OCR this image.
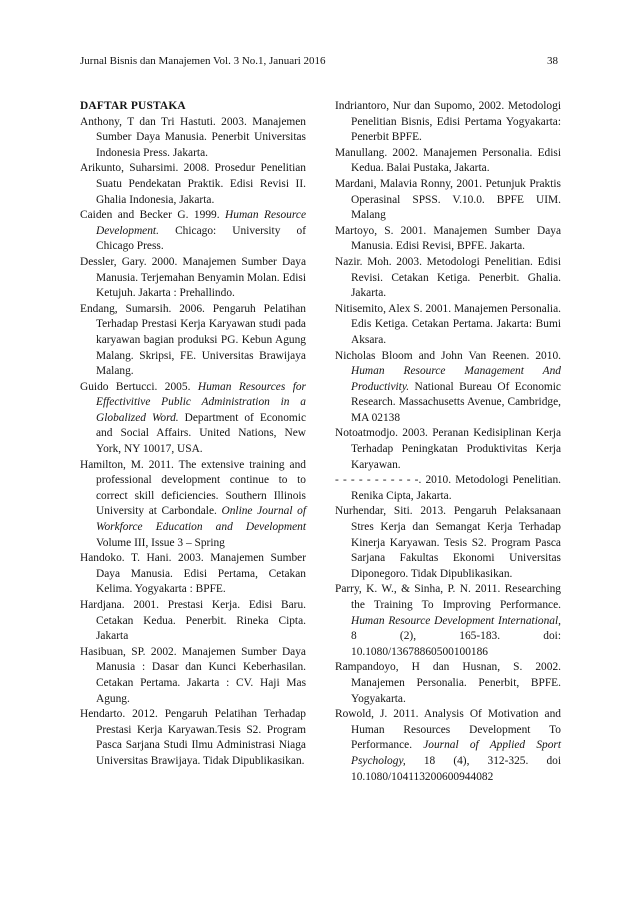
Jurnal Bisnis dan Manajemen Vol. 3 No.1, Januari 2016	38
DAFTAR PUSTAKA

Anthony, T dan Tri Hastuti. 2003. Manajemen Sumber Daya Manusia. Penerbit Universitas Indonesia Press. Jakarta.

Arikunto, Suharsimi. 2008. Prosedur Penelitian Suatu Pendekatan Praktik. Edisi Revisi II. Ghalia Indonesia, Jakarta.

Caiden and Becker G. 1999. Human Resource Development. Chicago: University of Chicago Press.

Dessler, Gary. 2000. Manajemen Sumber Daya Manusia. Terjemahan Benyamin Molan. Edisi Ketujuh. Jakarta : Prehallindo.

Endang, Sumarsih. 2006. Pengaruh Pelatihan Terhadap Prestasi Kerja Karyawan studi pada karyawan bagian produksi PG. Kebun Agung Malang. Skripsi, FE. Universitas Brawijaya Malang.

Guido Bertucci. 2005. Human Resources for Effectivitive Public Administration in a Globalized Word. Department of Economic and Social Affairs. United Nations, New York, NY 10017, USA.

Hamilton, M. 2011. The extensive training and professional development continue to to correct skill deficiencies. Southern Illinois University at Carbondale. Online Journal of Workforce Education and Development Volume III, Issue 3 – Spring

Handoko. T. Hani. 2003. Manajemen Sumber Daya Manusia. Edisi Pertama, Cetakan Kelima. Yogyakarta : BPFE.

Hardjana. 2001. Prestasi Kerja. Edisi Baru. Cetakan Kedua. Penerbit. Rineka Cipta. Jakarta

Hasibuan, SP. 2002. Manajemen Sumber Daya Manusia : Dasar dan Kunci Keberhasilan. Cetakan Pertama. Jakarta : CV. Haji Mas Agung.

Hendarto. 2012. Pengaruh Pelatihan Terhadap Prestasi Kerja Karyawan.Tesis S2. Program Pasca Sarjana Studi Ilmu Administrasi Niaga Universitas Brawijaya. Tidak Dipublikasikan.

Indriantoro, Nur dan Supomo, 2002. Metodologi Penelitian Bisnis, Edisi Pertama Yogyakarta: Penerbit BPFE.

Manullang. 2002. Manajemen Personalia. Edisi Kedua. Balai Pustaka, Jakarta.

Mardani, Malavia Ronny, 2001. Petunjuk Praktis Operasinal SPSS. V.10.0. BPFE UIM. Malang

Martoyo, S. 2001. Manajemen Sumber Daya Manusia. Edisi Revisi, BPFE. Jakarta.

Nazir. Moh. 2003. Metodologi Penelitian. Edisi Revisi. Cetakan Ketiga. Penerbit. Ghalia. Jakarta.

Nitisemito, Alex S. 2001. Manajemen Personalia. Edis Ketiga. Cetakan Pertama. Jakarta: Bumi Aksara.

Nicholas Bloom and John Van Reenen. 2010. Human Resource Management And Productivity. National Bureau Of Economic Research. Massachusetts Avenue, Cambridge, MA 02138

Notoatmodjo. 2003. Peranan Kedisiplinan Kerja Terhadap Peningkatan Produktivitas Kerja Karyawan.

- - - - - - - - - - -. 2010. Metodologi Penelitian. Renika Cipta, Jakarta.

Nurhendar, Siti. 2013. Pengaruh Pelaksanaan Stres Kerja dan Semangat Kerja Terhadap Kinerja Karyawan. Tesis S2. Program Pasca Sarjana Fakultas Ekonomi Universitas Diponegoro. Tidak Dipublikasikan.

Parry, K. W., & Sinha, P. N. 2011. Researching the Training To Improving Performance. Human Resource Development International, 8 (2), 165-183. doi: 10.1080/13678860500100186

Rampandoyo, H dan Husnan, S. 2002. Manajemen Personalia. Penerbit, BPFE. Yogyakarta.

Rowold, J. 2011. Analysis Of Motivation and Human Resources Development To Performance. Journal of Applied Sport Psychology, 18 (4), 312-325. doi 10.1080/104113200600944082
